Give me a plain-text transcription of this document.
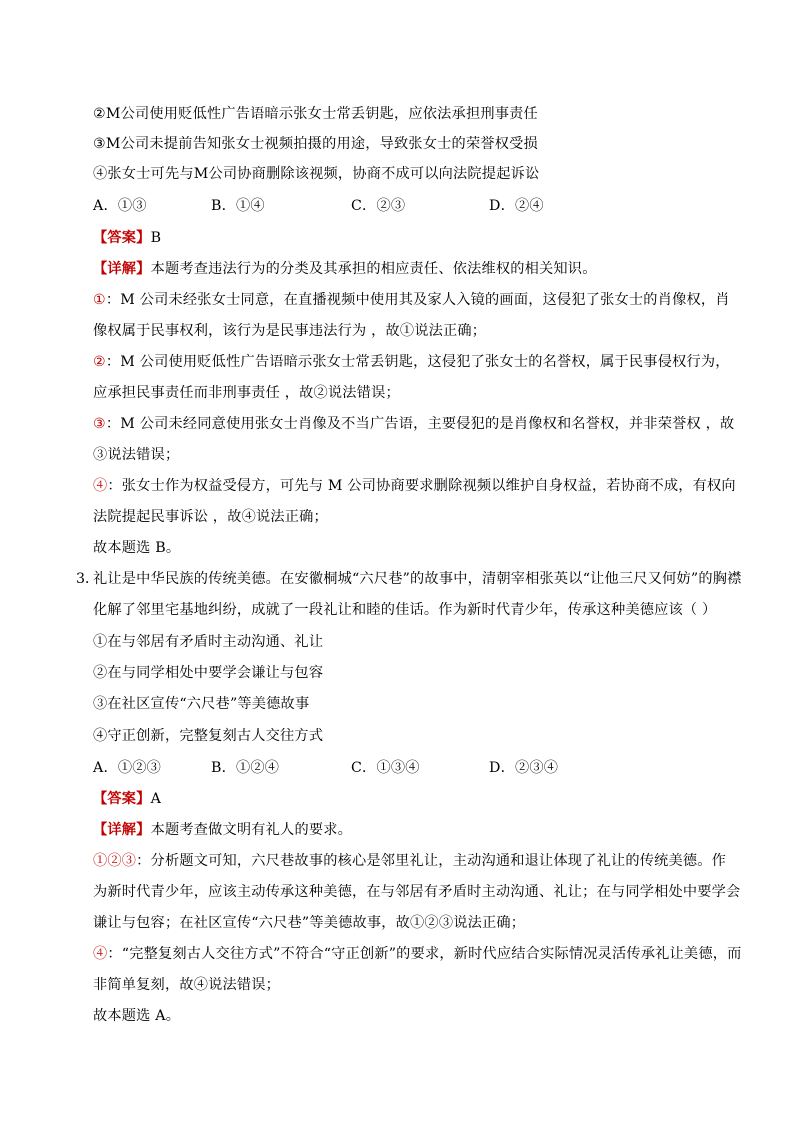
②M公司使用贬低性广告语暗示张女士常丢钥匙，应依法承担刑事责任
③M公司未提前告知张女士视频拍摄的用途，导致张女士的荣誉权受损
④张女士可先与M公司协商删除该视频，协商不成可以向法院提起诉讼
A．①③	B．①④	C．②③	D．②④
【答案】B
【详解】本题考查违法行为的分类及其承担的相应责任、依法维权的相关知识。
①：M 公司未经张女士同意，在直播视频中使用其及家人入镜的画面，这侵犯了张女士的肖像权，肖
像权属于民事权利，该行为是民事违法行为 ，故①说法正确；
②：M 公司使用贬低性广告语暗示张女士常丢钥匙，这侵犯了张女士的名誉权，属于民事侵权行为，
应承担民事责任而非刑事责任 ，故②说法错误；
③：M 公司未经同意使用张女士肖像及不当广告语，主要侵犯的是肖像权和名誉权，并非荣誉权 ，故
③说法错误；
④：张女士作为权益受侵方，可先与 M 公司协商要求删除视频以维护自身权益，若协商不成，有权向
法院提起民事诉讼 ，故④说法正确；
故本题选 B。
3．
礼让是中华民族的传统美德。在安徽桐城“六尺巷”的故事中，清朝宰相张英以“让他三尺又何妨”的胸襟
化解了邻里宅基地纠纷，成就了一段礼让和睦的佳话。作为新时代青少年，传承这种美德应该（ ）
①在与邻居有矛盾时主动沟通、礼让
②在与同学相处中要学会谦让与包容
③在社区宣传“六尺巷”等美德故事
④守正创新，完整复刻古人交往方式
A．①②③	B．①②④	C．①③④	D．②③④
【答案】A
【详解】本题考查做文明有礼人的要求。
①②③：分析题文可知，六尺巷故事的核心是邻里礼让，主动沟通和退让体现了礼让的传统美德。作
为新时代青少年，应该主动传承这种美德，在与邻居有矛盾时主动沟通、礼让；在与同学相处中要学会
谦让与包容；在社区宣传“六尺巷”等美德故事，故①②③说法正确；
④：“完整复刻古人交往方式”不符合“守正创新”的要求，新时代应结合实际情况灵活传承礼让美德，而
非简单复刻，故④说法错误；
故本题选 A。
